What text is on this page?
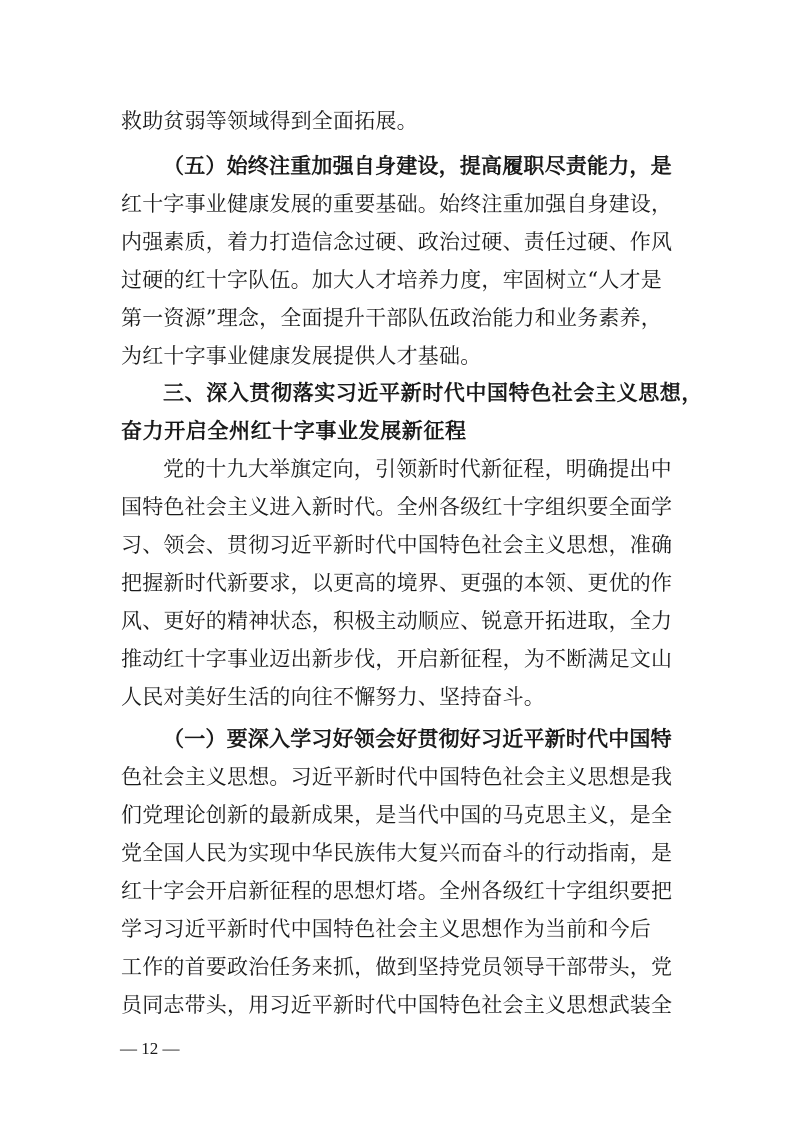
救助贫弱等领域得到全面拓展。
（五）始终注重加强自身建设，提高履职尽责能力，是
红十字事业健康发展的重要基础。始终注重加强自身建设，
内强素质，着力打造信念过硬、政治过硬、责任过硬、作风
过硬的红十字队伍。加大人才培养力度，牢固树立“人才是
第一资源”理念，全面提升干部队伍政治能力和业务素养，
为红十字事业健康发展提供人才基础。
三、深入贯彻落实习近平新时代中国特色社会主义思想，
奋力开启全州红十字事业发展新征程
党的十九大举旗定向，引领新时代新征程，明确提出中
国特色社会主义进入新时代。全州各级红十字组织要全面学
习、领会、贯彻习近平新时代中国特色社会主义思想，准确
把握新时代新要求，以更高的境界、更强的本领、更优的作
风、更好的精神状态，积极主动顺应、锐意开拓进取，全力
推动红十字事业迈出新步伐，开启新征程，为不断满足文山
人民对美好生活的向往不懈努力、坚持奋斗。
（一）要深入学习好领会好贯彻好习近平新时代中国特
色社会主义思想。习近平新时代中国特色社会主义思想是我
们党理论创新的最新成果，是当代中国的马克思主义，是全
党全国人民为实现中华民族伟大复兴而奋斗的行动指南，是
红十字会开启新征程的思想灯塔。全州各级红十字组织要把
学习习近平新时代中国特色社会主义思想作为当前和今后
工作的首要政治任务来抓，做到坚持党员领导干部带头，党
员同志带头，用习近平新时代中国特色社会主义思想武装全
— 12 —
